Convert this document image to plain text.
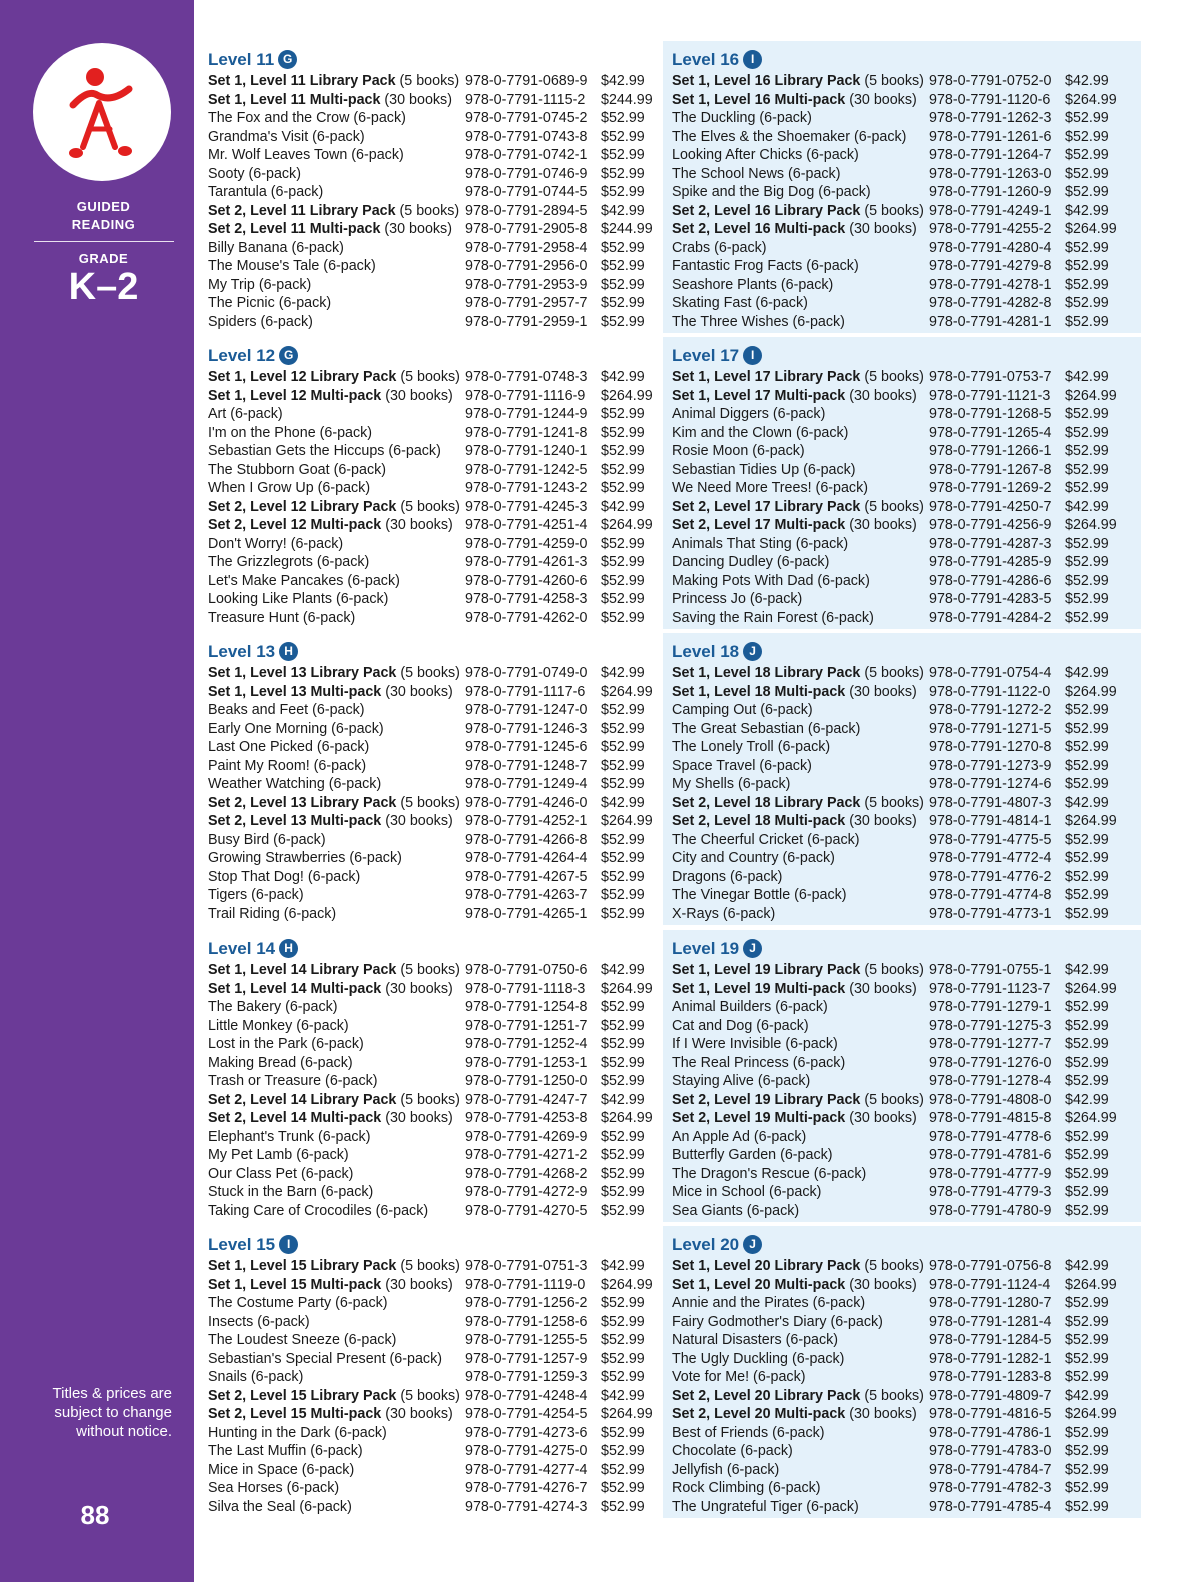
GUIDED
READING
GRADE
K–2
Titles & prices are subject to change without notice.
88
Level 11 G
Set 1, Level 11 Library Pack (5 books) 978-0-7791-0689-9 $42.99
Set 1, Level 11 Multi-pack (30 books) 978-0-7791-1115-2	$244.99
The Fox and the Crow (6-pack)	978-0-7791-0745-2 $52.99
Grandma's Visit (6-pack)	978-0-7791-0743-8 $52.99
Mr. Wolf Leaves Town (6-pack)	978-0-7791-0742-1 $52.99
Sooty (6-pack)	978-0-7791-0746-9 $52.99
Tarantula (6-pack)	978-0-7791-0744-5 $52.99
Set 2, Level 11 Library Pack (5 books) 978-0-7791-2894-5 $42.99
Set 2, Level 11 Multi-pack (30 books) 978-0-7791-2905-8 $244.99
Billy Banana (6-pack)	978-0-7791-2958-4 $52.99
The Mouse's Tale (6-pack)	978-0-7791-2956-0 $52.99
My Trip (6-pack)	978-0-7791-2953-9 $52.99
The Picnic (6-pack)	978-0-7791-2957-7 $52.99
Spiders (6-pack)	978-0-7791-2959-1 $52.99
Level 16 I
Set 1, Level 16 Library Pack (5 books) 978-0-7791-0752-0 $42.99
Set 1, Level 16 Multi-pack (30 books) 978-0-7791-1120-6	$264.99
The Duckling (6-pack)	978-0-7791-1262-3 $52.99
The Elves & the Shoemaker (6-pack)	978-0-7791-1261-6 $52.99
Looking After Chicks (6-pack)	978-0-7791-1264-7 $52.99
The School News (6-pack)	978-0-7791-1263-0 $52.99
Spike and the Big Dog (6-pack)	978-0-7791-1260-9 $52.99
Set 2, Level 16 Library Pack (5 books) 978-0-7791-4249-1 $42.99
Set 2, Level 16 Multi-pack (30 books) 978-0-7791-4255-2 $264.99
Crabs (6-pack)	978-0-7791-4280-4 $52.99
Fantastic Frog Facts (6-pack)	978-0-7791-4279-8 $52.99
Seashore Plants (6-pack)	978-0-7791-4278-1 $52.99
Skating Fast (6-pack)	978-0-7791-4282-8 $52.99
The Three Wishes (6-pack)	978-0-7791-4281-1 $52.99
Level 12 G
Set 1, Level 12 Library Pack (5 books) 978-0-7791-0748-3 $42.99
Set 1, Level 12 Multi-pack (30 books) 978-0-7791-1116-9	$264.99
Art (6-pack)	978-0-7791-1244-9 $52.99
I'm on the Phone (6-pack)	978-0-7791-1241-8 $52.99
Sebastian Gets the Hiccups (6-pack)	978-0-7791-1240-1 $52.99
The Stubborn Goat (6-pack)	978-0-7791-1242-5 $52.99
When I Grow Up (6-pack)	978-0-7791-1243-2 $52.99
Set 2, Level 12 Library Pack (5 books) 978-0-7791-4245-3 $42.99
Set 2, Level 12 Multi-pack (30 books) 978-0-7791-4251-4 $264.99
Don't Worry! (6-pack)	978-0-7791-4259-0 $52.99
The Grizzlegrots (6-pack)	978-0-7791-4261-3 $52.99
Let's Make Pancakes (6-pack)	978-0-7791-4260-6 $52.99
Looking Like Plants (6-pack)	978-0-7791-4258-3 $52.99
Treasure Hunt (6-pack)	978-0-7791-4262-0 $52.99
Level 17 I
Set 1, Level 17 Library Pack (5 books) 978-0-7791-0753-7 $42.99
Set 1, Level 17 Multi-pack (30 books) 978-0-7791-1121-3	$264.99
Animal Diggers (6-pack)	978-0-7791-1268-5 $52.99
Kim and the Clown (6-pack)	978-0-7791-1265-4 $52.99
Rosie Moon (6-pack)	978-0-7791-1266-1 $52.99
Sebastian Tidies Up (6-pack)	978-0-7791-1267-8 $52.99
We Need More Trees! (6-pack)	978-0-7791-1269-2 $52.99
Set 2, Level 17 Library Pack (5 books) 978-0-7791-4250-7 $42.99
Set 2, Level 17 Multi-pack (30 books) 978-0-7791-4256-9 $264.99
Animals That Sting (6-pack)	978-0-7791-4287-3 $52.99
Dancing Dudley (6-pack)	978-0-7791-4285-9 $52.99
Making Pots With Dad (6-pack)	978-0-7791-4286-6 $52.99
Princess Jo (6-pack)	978-0-7791-4283-5 $52.99
Saving the Rain Forest (6-pack)	978-0-7791-4284-2 $52.99
Level 13 H
Set 1, Level 13 Library Pack (5 books) 978-0-7791-0749-0 $42.99
Set 1, Level 13 Multi-pack (30 books) 978-0-7791-1117-6	$264.99
Beaks and Feet (6-pack)	978-0-7791-1247-0 $52.99
Early One Morning (6-pack)	978-0-7791-1246-3 $52.99
Last One Picked (6-pack)	978-0-7791-1245-6 $52.99
Paint My Room! (6-pack)	978-0-7791-1248-7 $52.99
Weather Watching (6-pack)	978-0-7791-1249-4 $52.99
Set 2, Level 13 Library Pack (5 books) 978-0-7791-4246-0 $42.99
Set 2, Level 13 Multi-pack (30 books) 978-0-7791-4252-1 $264.99
Busy Bird (6-pack)	978-0-7791-4266-8 $52.99
Growing Strawberries (6-pack)	978-0-7791-4264-4 $52.99
Stop That Dog! (6-pack)	978-0-7791-4267-5 $52.99
Tigers (6-pack)	978-0-7791-4263-7 $52.99
Trail Riding (6-pack)	978-0-7791-4265-1 $52.99
Level 18 J
Set 1, Level 18 Library Pack (5 books) 978-0-7791-0754-4 $42.99
Set 1, Level 18 Multi-pack (30 books) 978-0-7791-1122-0	$264.99
Camping Out (6-pack)	978-0-7791-1272-2 $52.99
The Great Sebastian (6-pack)	978-0-7791-1271-5 $52.99
The Lonely Troll (6-pack)	978-0-7791-1270-8 $52.99
Space Travel (6-pack)	978-0-7791-1273-9 $52.99
My Shells (6-pack)	978-0-7791-1274-6 $52.99
Set 2, Level 18 Library Pack (5 books) 978-0-7791-4807-3 $42.99
Set 2, Level 18 Multi-pack (30 books) 978-0-7791-4814-1 $264.99
The Cheerful Cricket (6-pack)	978-0-7791-4775-5 $52.99
City and Country (6-pack)	978-0-7791-4772-4 $52.99
Dragons (6-pack)	978-0-7791-4776-2 $52.99
The Vinegar Bottle (6-pack)	978-0-7791-4774-8 $52.99
X-Rays (6-pack)	978-0-7791-4773-1 $52.99
Level 14 H
Set 1, Level 14 Library Pack (5 books) 978-0-7791-0750-6 $42.99
Set 1, Level 14 Multi-pack (30 books) 978-0-7791-1118-3	$264.99
The Bakery (6-pack)	978-0-7791-1254-8 $52.99
Little Monkey (6-pack)	978-0-7791-1251-7 $52.99
Lost in the Park (6-pack)	978-0-7791-1252-4 $52.99
Making Bread (6-pack)	978-0-7791-1253-1 $52.99
Trash or Treasure (6-pack)	978-0-7791-1250-0 $52.99
Set 2, Level 14 Library Pack (5 books) 978-0-7791-4247-7 $42.99
Set 2, Level 14 Multi-pack (30 books) 978-0-7791-4253-8 $264.99
Elephant's Trunk (6-pack)	978-0-7791-4269-9 $52.99
My Pet Lamb (6-pack)	978-0-7791-4271-2 $52.99
Our Class Pet (6-pack)	978-0-7791-4268-2 $52.99
Stuck in the Barn (6-pack)	978-0-7791-4272-9 $52.99
Taking Care of Crocodiles (6-pack)	978-0-7791-4270-5 $52.99
Level 19 J
Set 1, Level 19 Library Pack (5 books) 978-0-7791-0755-1 $42.99
Set 1, Level 19 Multi-pack (30 books) 978-0-7791-1123-7	$264.99
Animal Builders (6-pack)	978-0-7791-1279-1 $52.99
Cat and Dog (6-pack)	978-0-7791-1275-3 $52.99
If I Were Invisible (6-pack)	978-0-7791-1277-7 $52.99
The Real Princess (6-pack)	978-0-7791-1276-0 $52.99
Staying Alive (6-pack)	978-0-7791-1278-4 $52.99
Set 2, Level 19 Library Pack (5 books) 978-0-7791-4808-0 $42.99
Set 2, Level 19 Multi-pack (30 books) 978-0-7791-4815-8 $264.99
An Apple Ad (6-pack)	978-0-7791-4778-6 $52.99
Butterfly Garden (6-pack)	978-0-7791-4781-6 $52.99
The Dragon's Rescue (6-pack)	978-0-7791-4777-9 $52.99
Mice in School (6-pack)	978-0-7791-4779-3 $52.99
Sea Giants (6-pack)	978-0-7791-4780-9 $52.99
Level 15 I
Set 1, Level 15 Library Pack (5 books) 978-0-7791-0751-3 $42.99
Set 1, Level 15 Multi-pack (30 books) 978-0-7791-1119-0	$264.99
The Costume Party (6-pack)	978-0-7791-1256-2 $52.99
Insects (6-pack)	978-0-7791-1258-6 $52.99
The Loudest Sneeze (6-pack)	978-0-7791-1255-5 $52.99
Sebastian's Special Present (6-pack)	978-0-7791-1257-9 $52.99
Snails (6-pack)	978-0-7791-1259-3 $52.99
Set 2, Level 15 Library Pack (5 books) 978-0-7791-4248-4 $42.99
Set 2, Level 15 Multi-pack (30 books) 978-0-7791-4254-5 $264.99
Hunting in the Dark (6-pack)	978-0-7791-4273-6 $52.99
The Last Muffin (6-pack)	978-0-7791-4275-0 $52.99
Mice in Space (6-pack)	978-0-7791-4277-4 $52.99
Sea Horses (6-pack)	978-0-7791-4276-7 $52.99
Silva the Seal (6-pack)	978-0-7791-4274-3 $52.99
Level 20 J
Set 1, Level 20 Library Pack (5 books) 978-0-7791-0756-8 $42.99
Set 1, Level 20 Multi-pack (30 books) 978-0-7791-1124-4	$264.99
Annie and the Pirates (6-pack)	978-0-7791-1280-7 $52.99
Fairy Godmother's Diary (6-pack)	978-0-7791-1281-4 $52.99
Natural Disasters (6-pack)	978-0-7791-1284-5 $52.99
The Ugly Duckling (6-pack)	978-0-7791-1282-1 $52.99
Vote for Me! (6-pack)	978-0-7791-1283-8 $52.99
Set 2, Level 20 Library Pack (5 books) 978-0-7791-4809-7 $42.99
Set 2, Level 20 Multi-pack (30 books) 978-0-7791-4816-5 $264.99
Best of Friends (6-pack)	978-0-7791-4786-1 $52.99
Chocolate (6-pack)	978-0-7791-4783-0 $52.99
Jellyfish (6-pack)	978-0-7791-4784-7 $52.99
Rock Climbing (6-pack)	978-0-7791-4782-3 $52.99
The Ungrateful Tiger (6-pack)	978-0-7791-4785-4 $52.99
